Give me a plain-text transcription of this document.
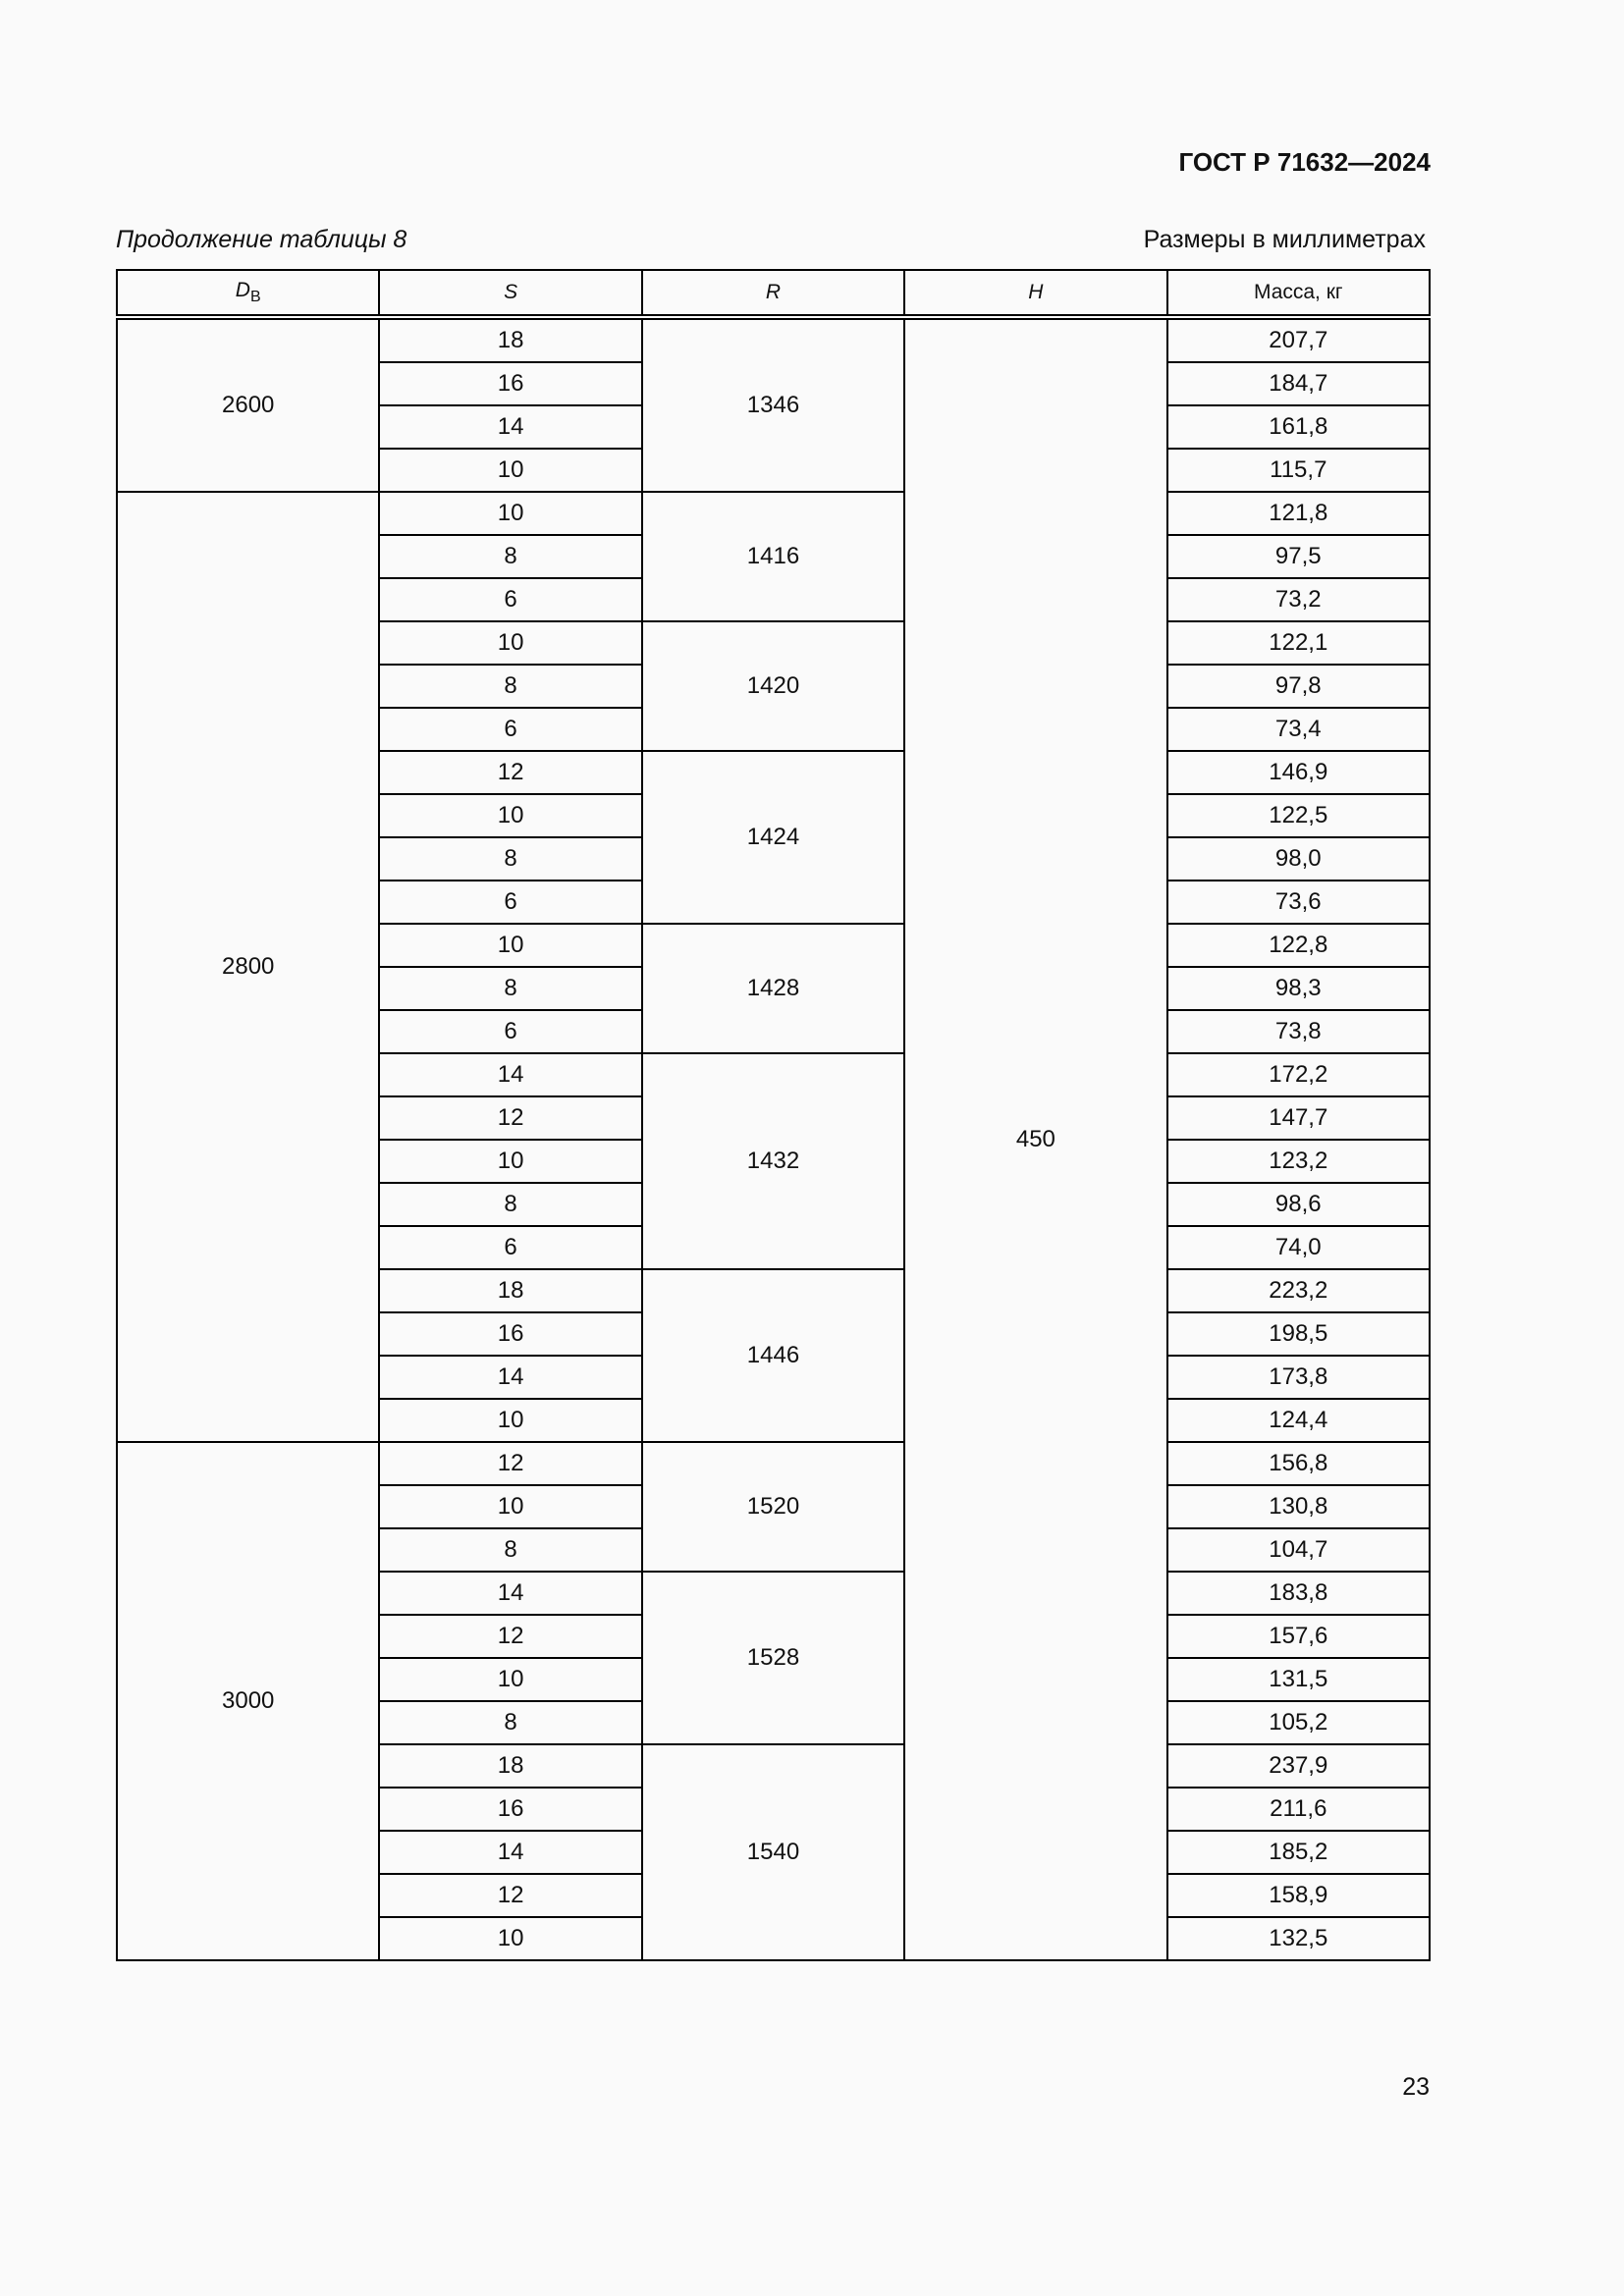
ГОСТ Р 71632—2024
Продолжение таблицы 8	Размеры в миллиметрах
$D_В$	S	R	H	Масса, кг
2600	18	1346	450	207,7
	16			184,7
	14			161,8
	10			115,7
2800	10	1416		121,8
	8			97,5
	6			73,2
	10	1420		122,1
	8			97,8
	6			73,4
	12	1424		146,9
	10			122,5
	8			98,0
	6			73,6
	10	1428		122,8
	8			98,3
	6			73,8
	14	1432		172,2
	12			147,7
	10			123,2
	8			98,6
	6			74,0
	18	1446		223,2
	16			198,5
	14			173,8
	10			124,4
3000	12	1520		156,8
	10			130,8
	8			104,7
	14	1528		183,8
	12			157,6
	10			131,5
	8			105,2
	18	1540		237,9
	16			211,6
	14			185,2
	12			158,9
	10			132,5
23
